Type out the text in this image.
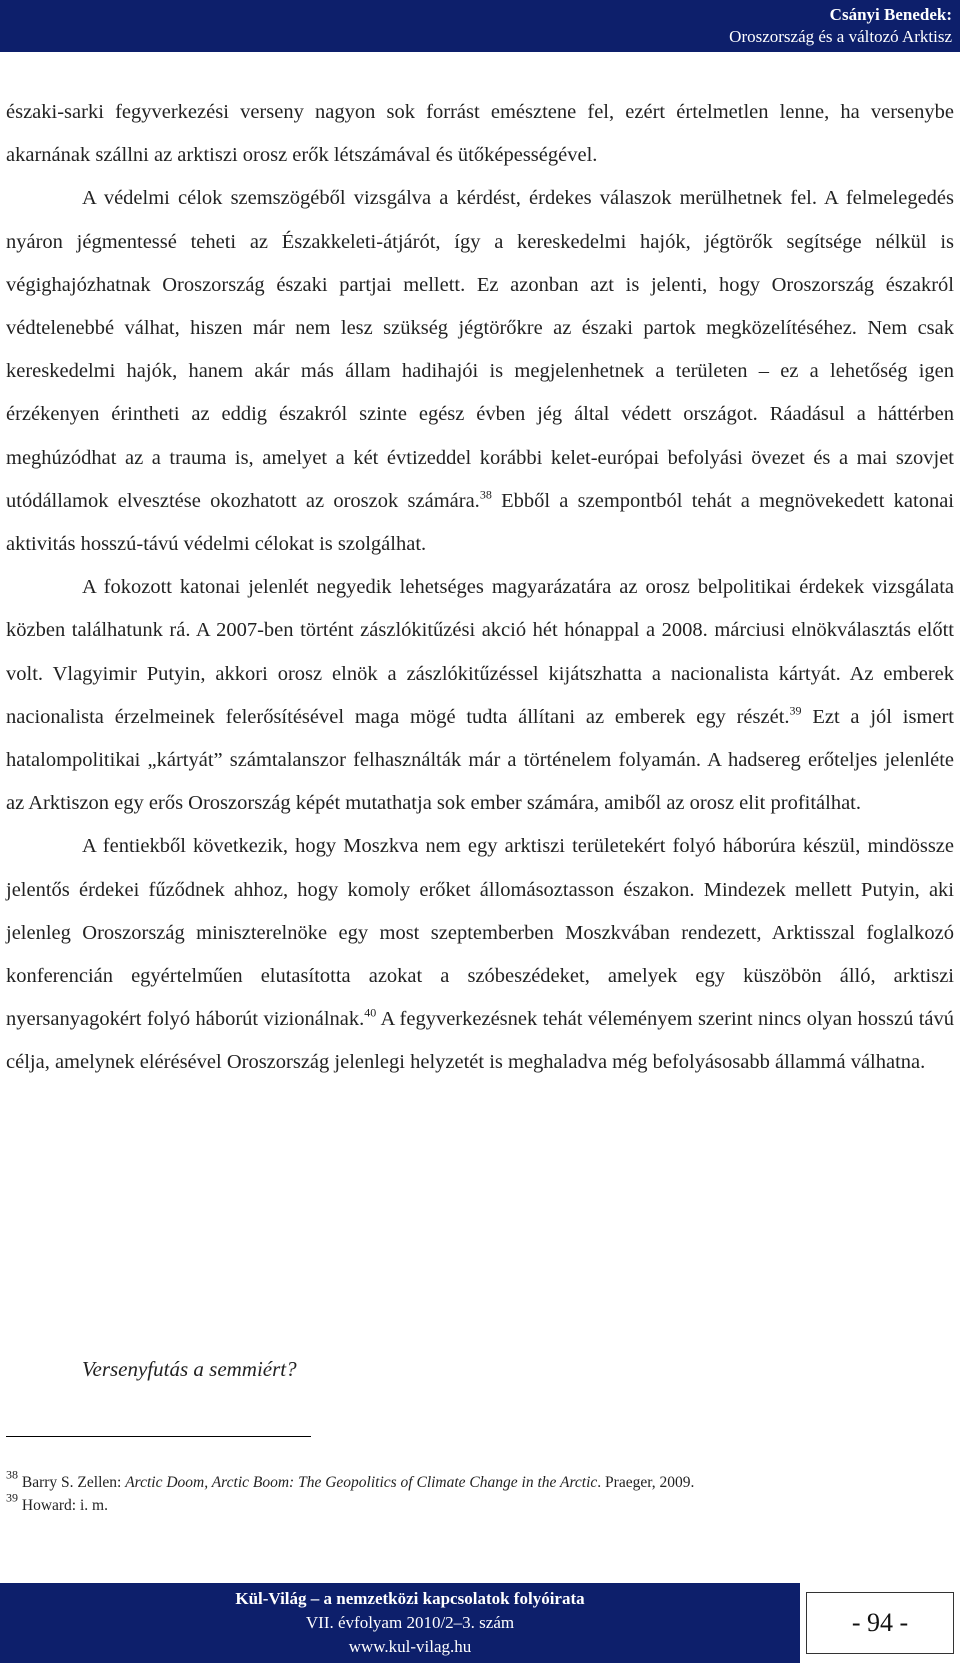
Csányi Benedek:
Oroszország és a változó Arktisz

északi-sarki fegyverkezési verseny nagyon sok forrást emésztene fel, ezért értelmetlen lenne, ha versenybe akarnának szállni az arktiszi orosz erők létszámával és ütőképességével.

A védelmi célok szemszögéből vizsgálva a kérdést, érdekes válaszok merülhetnek fel. A felmelegedés nyáron jégmentessé teheti az Északkeleti-átjárót, így a kereskedelmi hajók, jégtörők segítsége nélkül is végighajózhatnak Oroszország északi partjai mellett. Ez azonban azt is jelenti, hogy Oroszország északról védtelenebbé válhat, hiszen már nem lesz szükség jégtörőkre az északi partok megközelítéséhez. Nem csak kereskedelmi hajók, hanem akár más állam hadihajói is megjelenhetnek a területen – ez a lehetőség igen érzékenyen érintheti az eddig északról szinte egész évben jég által védett országot. Ráadásul a háttérben meghúzódhat az a trauma is, amelyet a két évtizeddel korábbi kelet-európai befolyási övezet és a mai szovjet utódállamok elvesztése okozhatott az oroszok számára.$^{38}$ Ebből a szempontból tehát a megnövekedett katonai aktivitás hosszú-távú védelmi célokat is szolgálhat.

A fokozott katonai jelenlét negyedik lehetséges magyarázatára az orosz belpolitikai érdekek vizsgálata közben találhatunk rá. A 2007-ben történt zászlókitűzési akció hét hónappal a 2008. márciusi elnökválasztás előtt volt. Vlagyimir Putyin, akkori orosz elnök a zászlókitűzéssel kijátszhatta a nacionalista kártyát. Az emberek nacionalista érzelmeinek felerősítésével maga mögé tudta állítani az emberek egy részét.$^{39}$ Ezt a jól ismert hatalompolitikai „kártyát” számtalanszor felhasználták már a történelem folyamán. A hadsereg erőteljes jelenléte az Arktiszon egy erős Oroszország képét mutathatja sok ember számára, amiből az orosz elit profitálhat.

A fentiekből következik, hogy Moszkva nem egy arktiszi területekért folyó háborúra készül, mindössze jelentős érdekei fűződnek ahhoz, hogy komoly erőket állomásoztasson északon. Mindezek mellett Putyin, aki jelenleg Oroszország miniszterelnöke egy most szeptemberben Moszkvában rendezett, Arktisszal foglalkozó konferencián egyértelműen elutasította azokat a szóbeszédeket, amelyek egy küszöbön álló, arktiszi nyersanyagokért folyó háborút vizionálnak.$^{40}$ A fegyverkezésnek tehát véleményem szerint nincs olyan hosszú távú célja, amelynek elérésével Oroszország jelenlegi helyzetét is meghaladva még befolyásosabb állammá válhatna.

Versenyfutás a semmiért?

$^{38}$ Barry S. Zellen: Arctic Doom, Arctic Boom: The Geopolitics of Climate Change in the Arctic. Praeger, 2009.

$^{39}$ Howard: i. m.

Kül-Világ – a nemzetközi kapcsolatok folyóirata
VII. évfolyam 2010/2–3. szám
www.kul-vilag.hu
- 94 -
